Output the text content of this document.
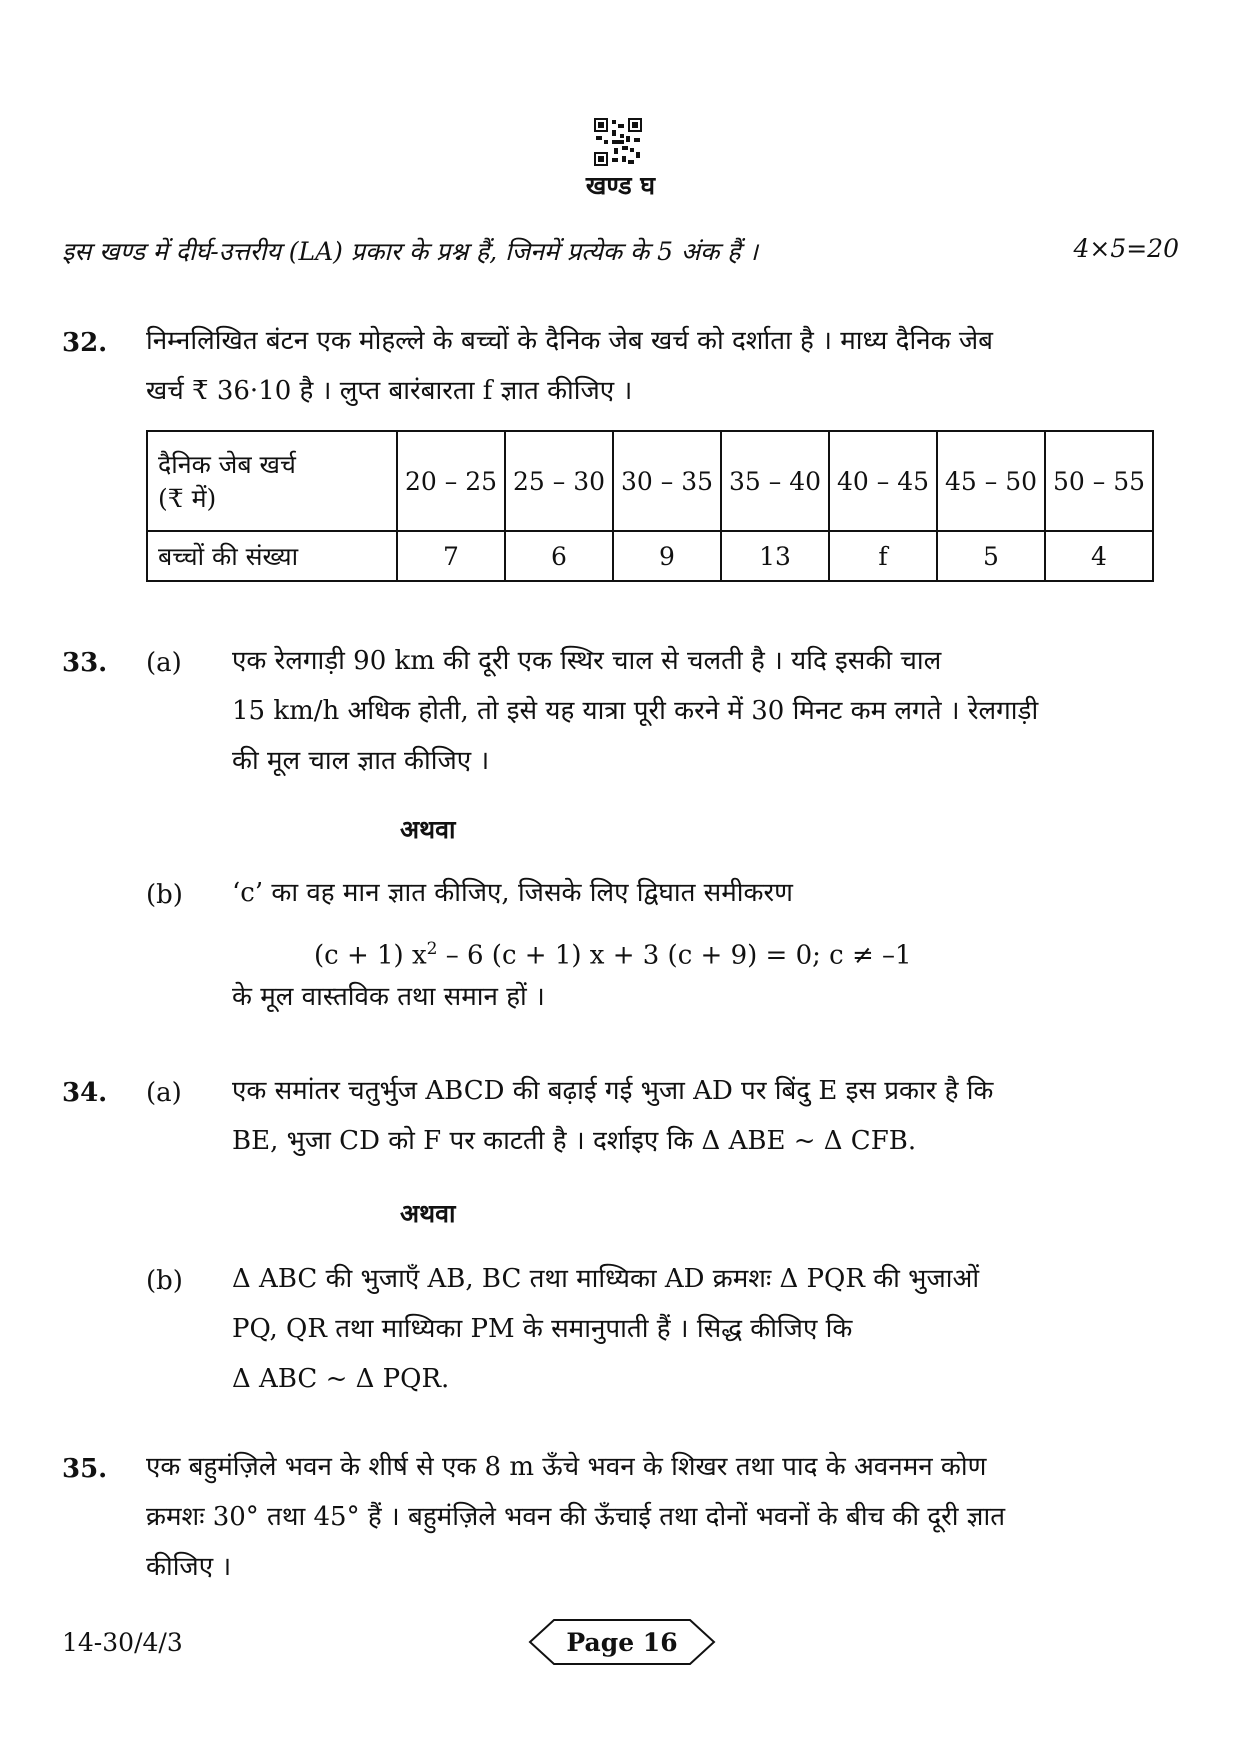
खण्ड घ
इस खण्ड में दीर्घ-उत्तरीय (LA) प्रकार के प्रश्न हैं, जिनमें प्रत्येक के 5 अंक हैं ।	4×5=20
32. निम्नलिखित बंटन एक मोहल्ले के बच्चों के दैनिक जेब खर्च को दर्शाता है । माध्य दैनिक जेब
खर्च ₹ 36·10 है । लुप्त बारंबारता f ज्ञात कीजिए ।
दैनिक जेब खर्च
(₹ में)	20 – 25	25 – 30	30 – 35	35 – 40	40 – 45	45 – 50	50 – 55
बच्चों की संख्या	7	6	9	13	f	5	4
33. (a) एक रेलगाड़ी 90 km की दूरी एक स्थिर चाल से चलती है । यदि इसकी चाल
15 km/h अधिक होती, तो इसे यह यात्रा पूरी करने में 30 मिनट कम लगते । रेलगाड़ी
की मूल चाल ज्ञात कीजिए ।
अथवा
(b) ‘c’ का वह मान ज्ञात कीजिए, जिसके लिए द्विघात समीकरण
(c + 1) $x^2 - 6$ (c + 1) x + 3 (c + 9) = 0; c ≠ –1
के मूल वास्तविक तथा समान हों ।
34. (a) एक समांतर चतुर्भुज ABCD की बढ़ाई गई भुजा AD पर बिंदु E इस प्रकार है कि
BE, भुजा CD को F पर काटती है । दर्शाइए कि Δ ABE ~ Δ CFB.
अथवा
(b) Δ ABC की भुजाएँ AB, BC तथा माध्यिका AD क्रमशः Δ PQR की भुजाओं
PQ, QR तथा माध्यिका PM के समानुपाती हैं । सिद्ध कीजिए कि
Δ ABC ~ Δ PQR.
35. एक बहुमंज़िले भवन के शीर्ष से एक 8 m ऊँचे भवन के शिखर तथा पाद के अवनमन कोण
क्रमशः 30° तथा 45° हैं । बहुमंज़िले भवन की ऊँचाई तथा दोनों भवनों के बीच की दूरी ज्ञात
कीजिए ।
14-30/4/3	Page 16
